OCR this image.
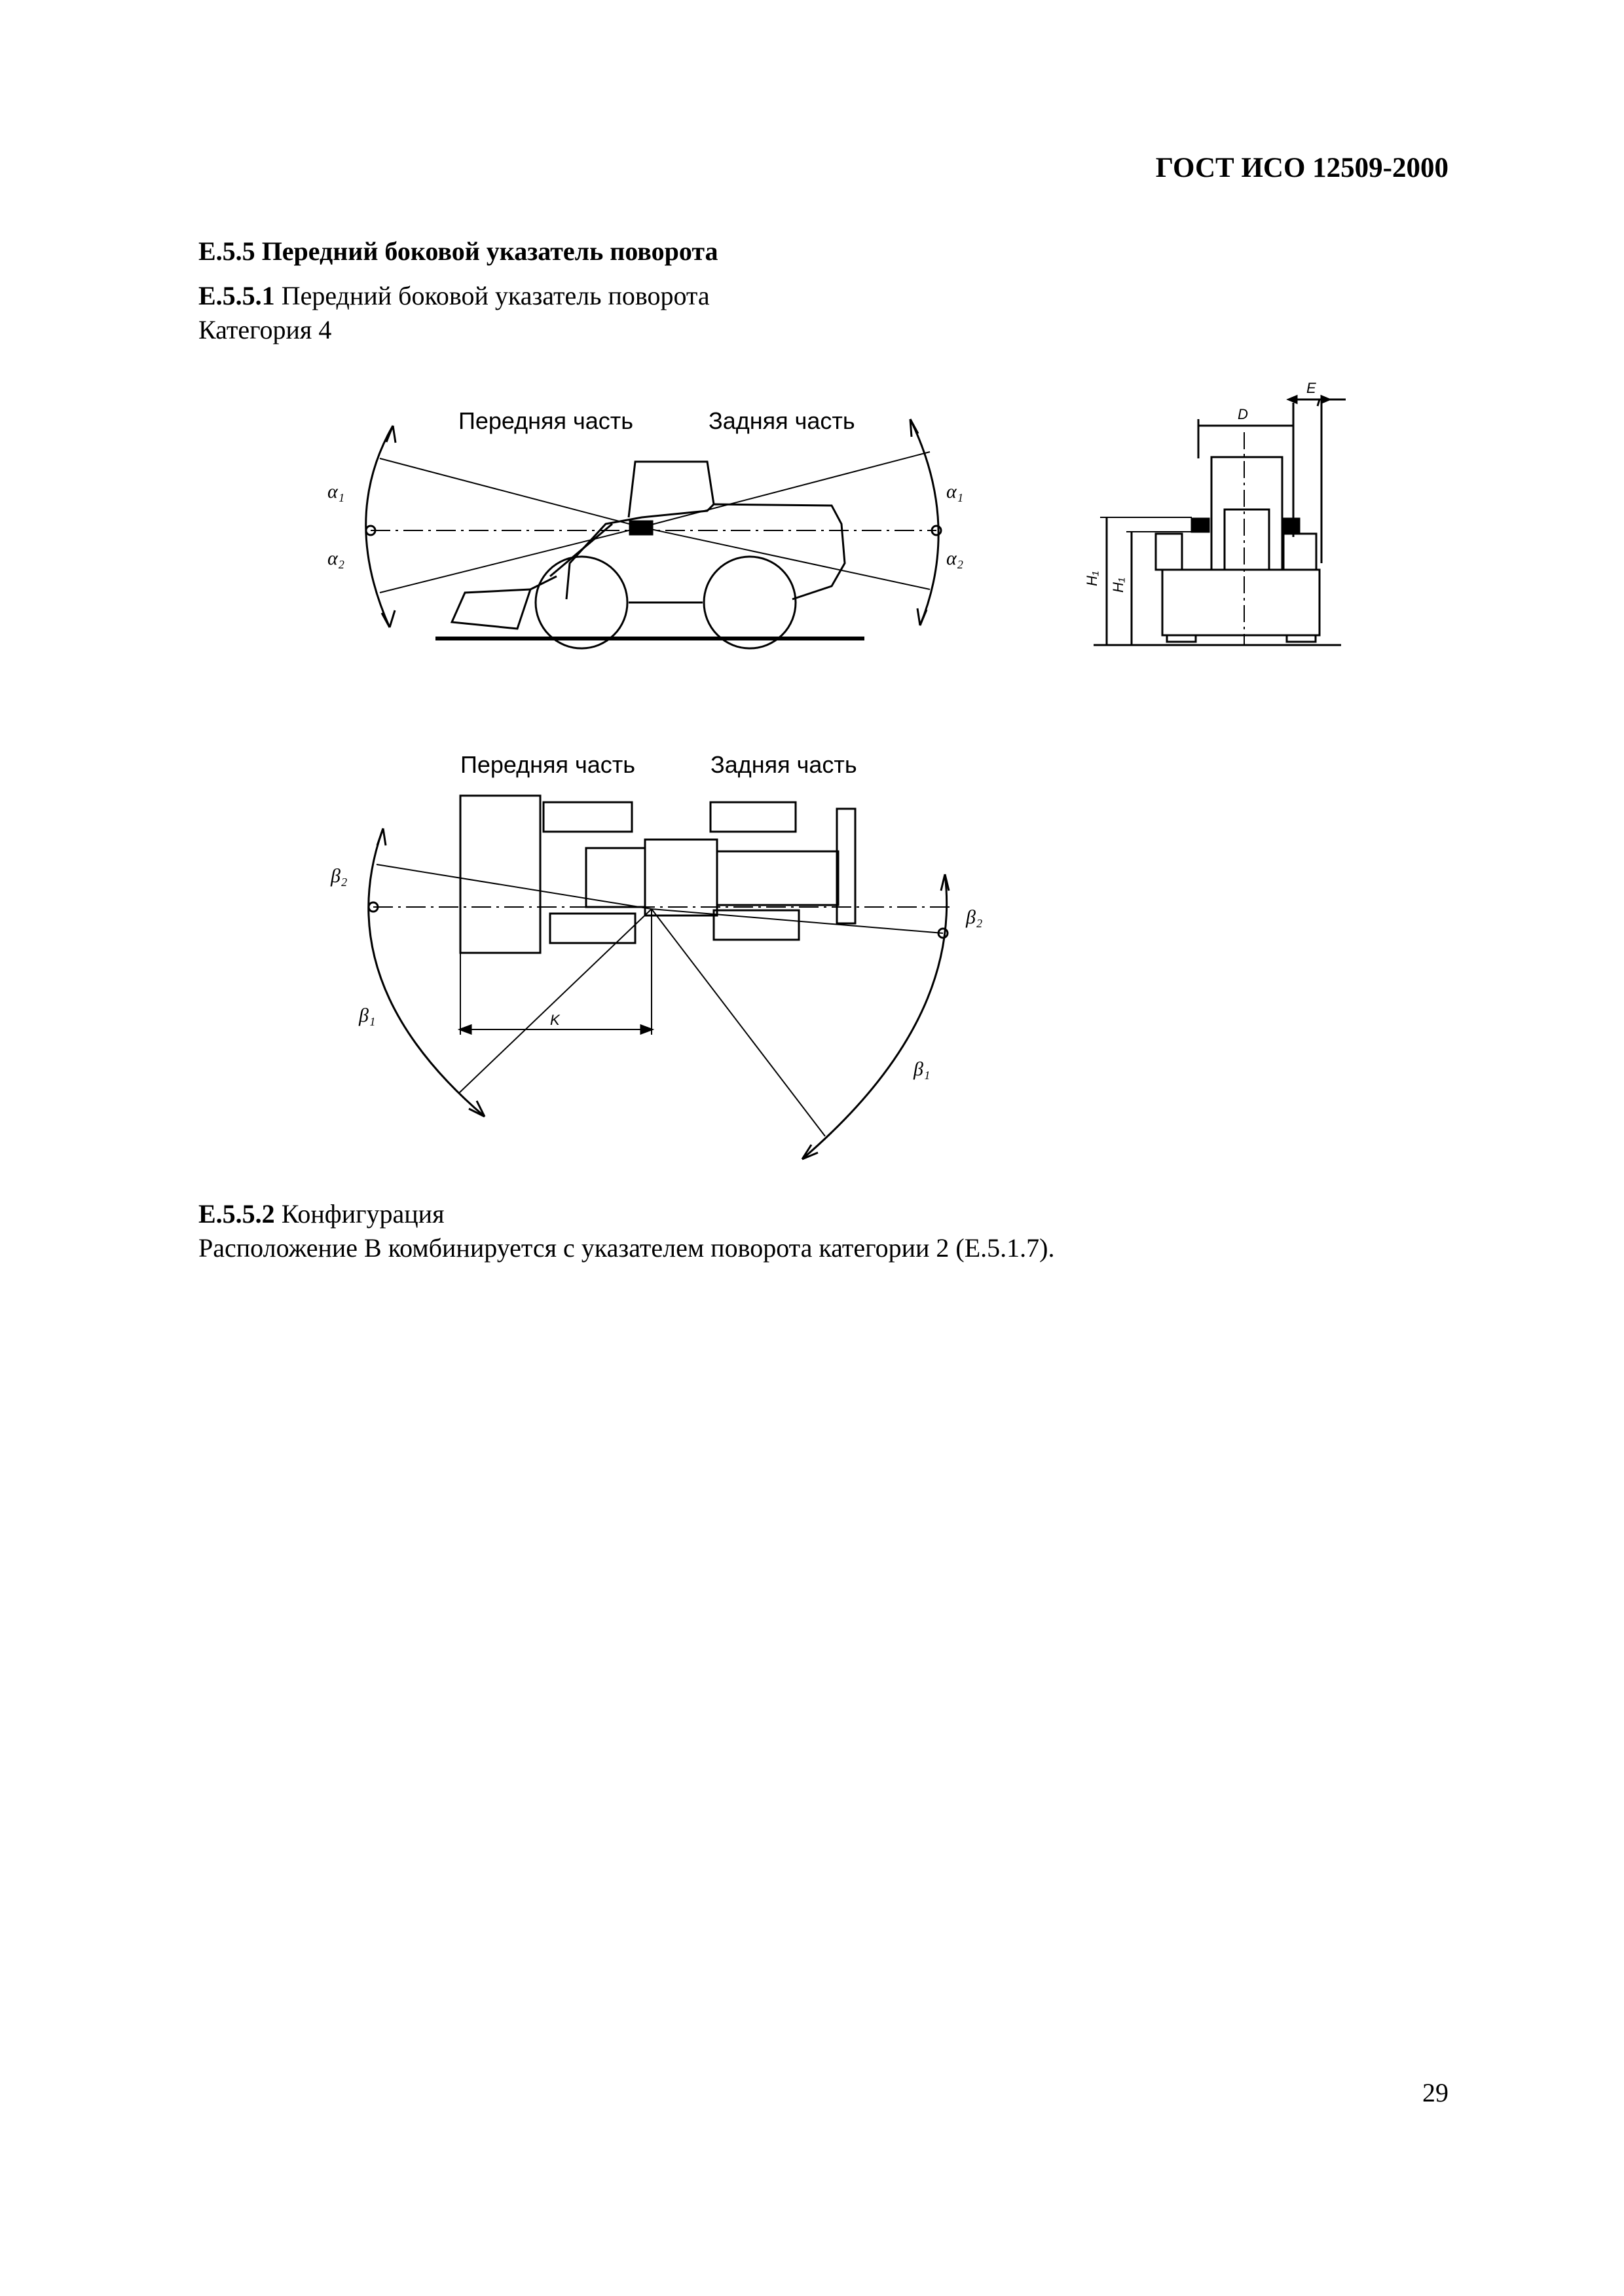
ГОСТ ИСО 12509-2000
Е.5.5 Передний боковой указатель поворота
Е.5.5.1 Передний боковой указатель поворота
Категория 4
Передняя часть	Задняя часть
α₁
α₂
α₁
α₂
D
E
H₁ H₁
Передняя часть	Задняя часть
β₂
β₂
β₁
β₁
K
Е.5.5.2 Конфигурация
Расположение В комбинируется с указателем поворота категории 2 (Е.5.1.7).
29
